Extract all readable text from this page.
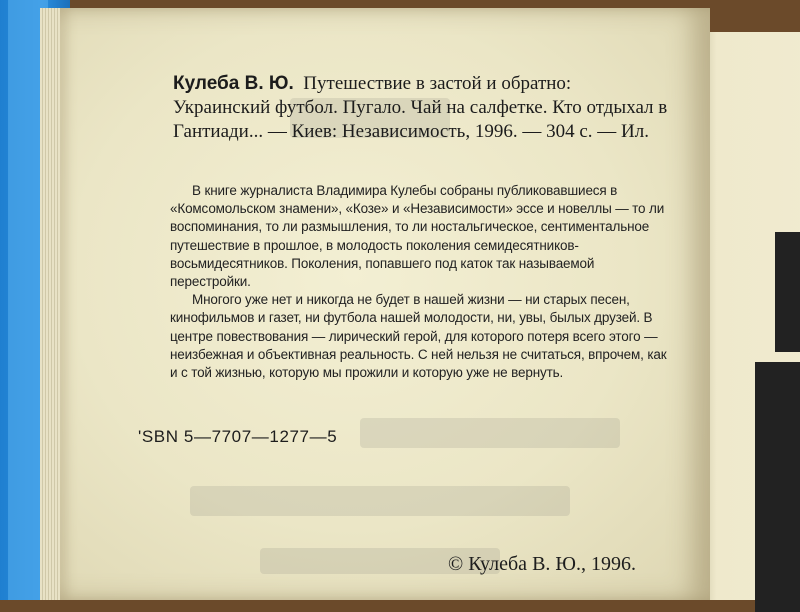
Кулеба В. Ю. Путешествие в застой и обратно: Украинский футбол. Пугало. Чай на салфетке. Кто отдыхал в Гантиади... — Киев: Независимость, 1996. — 304 с. — Ил.

В книге журналиста Владимира Кулебы собраны публиковавшиеся в «Комсомольском знамени», «Козе» и «Независимости» эссе и новеллы — то ли воспоминания, то ли размышления, то ли ностальгическое, сентиментальное путешествие в прошлое, в молодость поколения семидесятников-восьмидесятников. Поколения, попавшего под каток так называемой перестройки.

Многого уже нет и никогда не будет в нашей жизни — ни старых песен, кинофильмов и газет, ни футбола нашей молодости, ни, увы, былых друзей. В центре повествования — лирический герой, для которого потеря всего этого — неизбежная и объективная реальность. С ней нельзя не считаться, впрочем, как и с той жизнью, которую мы прожили и которую уже не вернуть.

'SBN 5—7707—1277—5
© Кулеба В. Ю., 1996.
